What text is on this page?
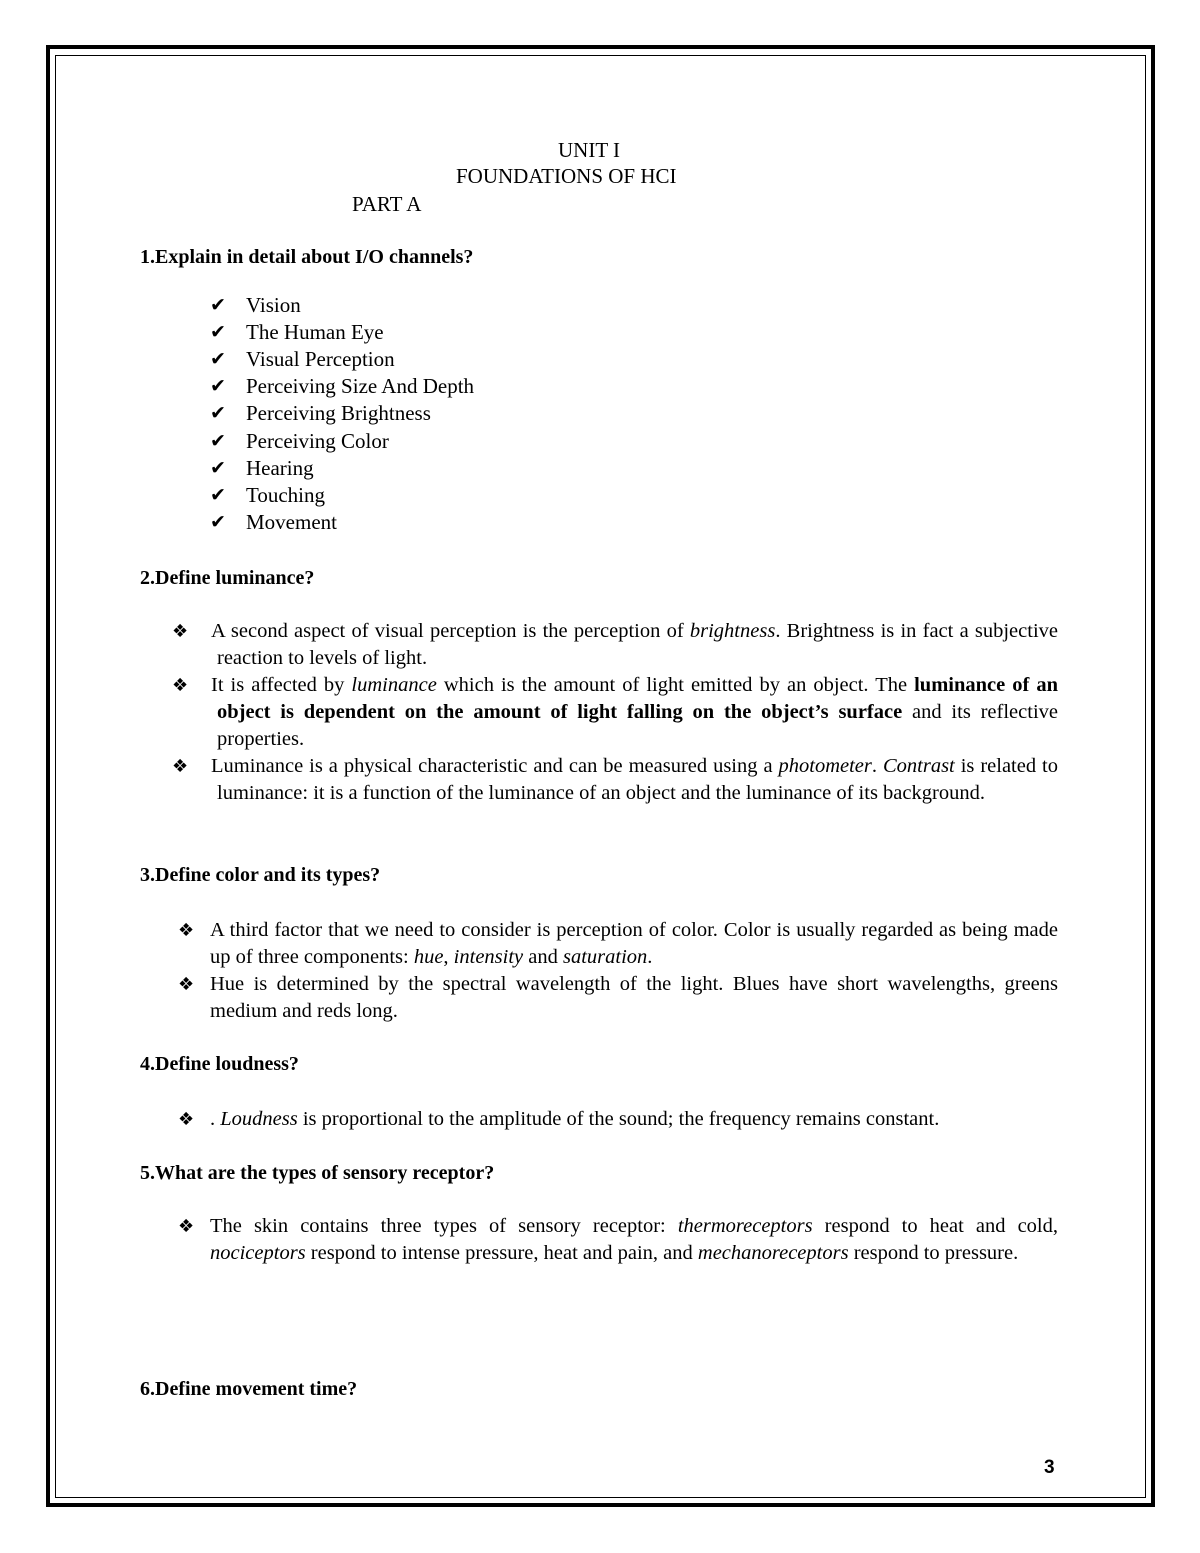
UNIT I
FOUNDATIONS OF HCI
PART A
1.Explain in detail about I/O channels?
✔ Vision
✔ The Human Eye
✔ Visual Perception
✔ Perceiving Size And Depth
✔ Perceiving Brightness
✔ Perceiving Color
✔ Hearing
✔ Touching
✔ Movement
2.Define luminance?
❖ A second aspect of visual perception is the perception of brightness. Brightness is in fact a subjective reaction to levels of light.
❖ It is affected by luminance which is the amount of light emitted by an object. The luminance of an object is dependent on the amount of light falling on the object’s surface and its reflective properties.
❖ Luminance is a physical characteristic and can be measured using a photometer. Contrast is related to luminance: it is a function of the luminance of an object and the luminance of its background.
3.Define color and its types?
❖ A third factor that we need to consider is perception of color. Color is usually regarded as being made up of three components: hue, intensity and saturation.
❖ Hue is determined by the spectral wavelength of the light. Blues have short wavelengths, greens medium and reds long.
4.Define loudness?
❖ . Loudness is proportional to the amplitude of the sound; the frequency remains constant.
5.What are the types of sensory receptor?
❖ The skin contains three types of sensory receptor: thermoreceptors respond to heat and cold, nociceptors respond to intense pressure, heat and pain, and mechanoreceptors respond to pressure.
6.Define movement time?
3
